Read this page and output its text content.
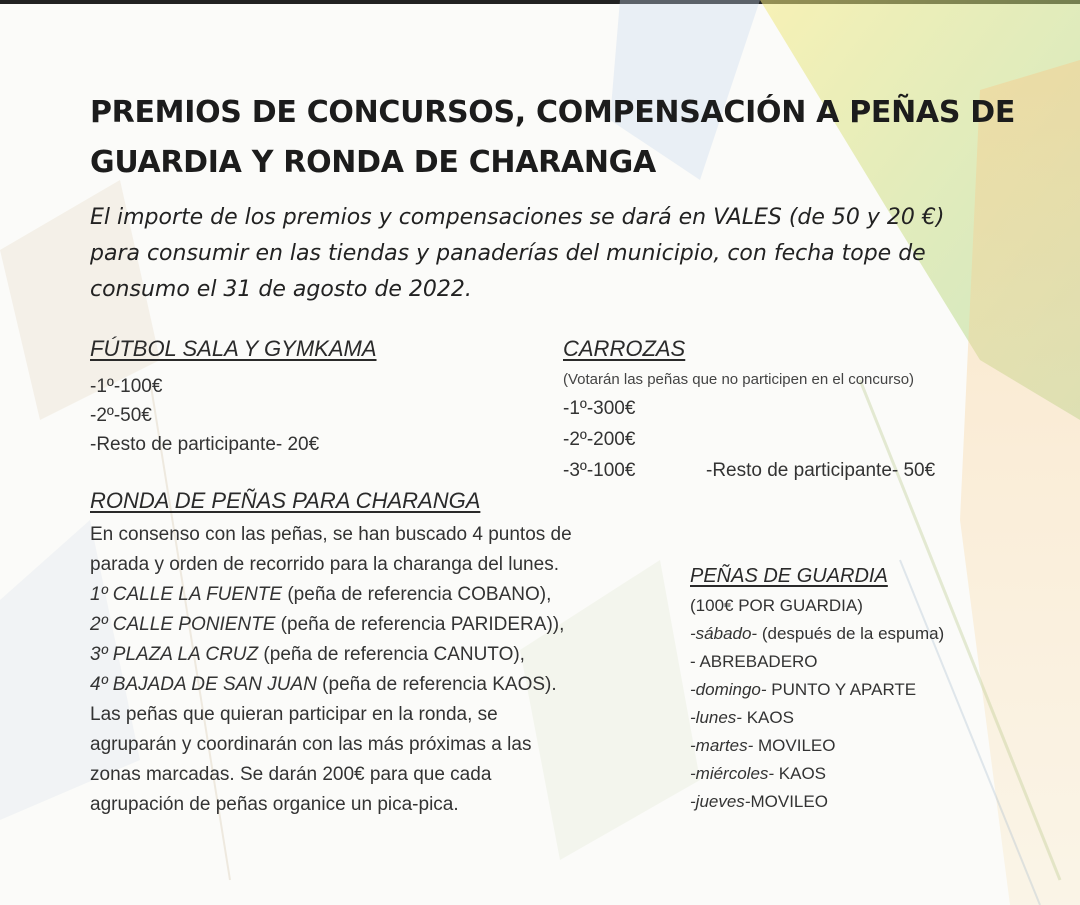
PREMIOS DE CONCURSOS, COMPENSACIÓN A PEÑAS DE
GUARDIA Y RONDA DE CHARANGA

El importe de los premios y compensaciones se dará en VALES (de 50 y 20 €)
para consumir en las tiendas y panaderías del municipio, con fecha tope de
consumo el 31 de agosto de 2022.

FÚTBOL SALA Y GYMKAMA
-1º-100€
-2º-50€
-Resto de participante- 20€
CARROZAS
(Votarán las peñas que no participen en el concurso)
-1º-300€
-2º-200€
-3º-100€	-Resto de participante- 50€
RONDA DE PEÑAS PARA CHARANGA
En consenso con las peñas, se han buscado 4 puntos de
parada y orden de recorrido para la charanga del lunes.
1º CALLE LA FUENTE (peña de referencia COBANO),
2º CALLE PONIENTE (peña de referencia PARIDERA)),
3º PLAZA LA CRUZ (peña de referencia CANUTO),
4º BAJADA DE SAN JUAN (peña de referencia KAOS).
Las peñas que quieran participar en la ronda, se
agruparán y coordinarán con las más próximas a las
zonas marcadas. Se darán 200€ para que cada
agrupación de peñas organice un pica-pica.
PEÑAS DE GUARDIA
(100€ POR GUARDIA)
-sábado- (después de la espuma)
- ABREBADERO
-domingo- PUNTO Y APARTE
-lunes- KAOS
-martes- MOVILEO
-miércoles- KAOS
-jueves-MOVILEO
